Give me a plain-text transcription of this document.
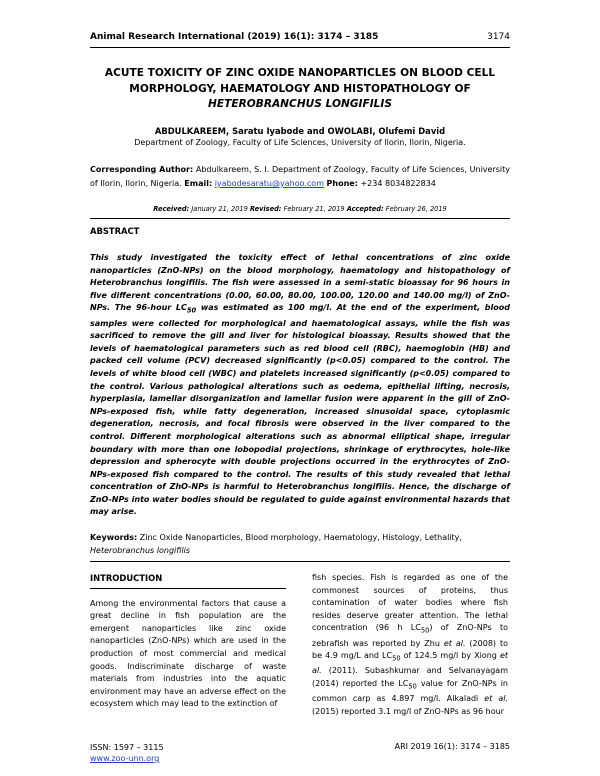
Animal Research International (2019) 16(1): 3174 – 3185	3174
ACUTE TOXICITY OF ZINC OXIDE NANOPARTICLES ON BLOOD CELL
MORPHOLOGY, HAEMATOLOGY AND HISTOPATHOLOGY OF
HETEROBRANCHUS LONGIFILIS
ABDULKAREEM, Saratu Iyabode and OWOLABI, Olufemi David
Department of Zoology, Faculty of Life Sciences, University of Ilorin, Ilorin, Nigeria.
Corresponding Author: Abdulkareem, S. I. Department of Zoology, Faculty of Life Sciences, University of Ilorin, Ilorin, Nigeria. Email: iyabodesaratu@yahoo.com Phone: +234 8034822834
Received: January 21, 2019 Revised: February 21, 2019 Accepted: February 26, 2019
ABSTRACT
This study investigated the toxicity effect of lethal concentrations of zinc oxide nanoparticles (ZnO-NPs) on the blood morphology, haematology and histopathology of Heterobranchus longifilis. The fish were assessed in a semi-static bioassay for 96 hours in five different concentrations (0.00, 60.00, 80.00, 100.00, 120.00 and 140.00 mg/l) of ZnO-NPs. The 96-hour $LC_{50}$ was estimated as 100 mg/l. At the end of the experiment, blood samples were collected for morphological and haematological assays, while the fish was sacrificed to remove the gill and liver for histological bioassay. Results showed that the levels of haematological parameters such as red blood cell (RBC), haemoglobin (HB) and packed cell volume (PCV) decreased significantly (p<0.05) compared to the control. The levels of white blood cell (WBC) and platelets increased significantly (p<0.05) compared to the control. Various pathological alterations such as oedema, epithelial lifting, necrosis, hyperplasia, lamellar disorganization and lamellar fusion were apparent in the gill of ZnO-NPs-exposed fish, while fatty degeneration, increased sinusoidal space, cytoplasmic degeneration, necrosis, and focal fibrosis were observed in the liver compared to the control. Different morphological alterations such as abnormal elliptical shape, irregular boundary with more than one lobopodial projections, shrinkage of erythrocytes, hole-like depression and spherocyte with double projections occurred in the erythrocytes of ZnO-NPs-exposed fish compared to the control. The results of this study revealed that lethal concentration of ZhO-NPs is harmful to Heterobranchus longifilis. Hence, the discharge of ZnO-NPs into water bodies should be regulated to guide against environmental hazards that may arise.
Keywords: Zinc Oxide Nanoparticles, Blood morphology, Haematology, Histology, Lethality, Heterobranchus longifilis
INTRODUCTION

Among the environmental factors that cause a great decline in fish population are the emergent nanoparticles like zinc oxide nanoparticles (ZnO-NPs) which are used in the production of most commercial and medical goods. Indiscriminate discharge of waste materials from industries into the aquatic environment may have an adverse effect on the ecosystem which may lead to the extinction of

fish species. Fish is regarded as one of the commonest sources of proteins, thus contamination of water bodies where fish resides deserve greater attention. The lethal concentration (96 h $LC_{50}$) of ZnO-NPs to zebrafish was reported by Zhu et al. (2008) to be 4.9 mg/L and $LC_{50}$ of 124.5 mg/l by Xiong et al. (2011). Subashkumar and Selvanayagam (2014) reported the $LC_{50}$ value for ZnO-NPs in common carp as 4.897 mg/l. Alkaladi et al. (2015) reported 3.1 mg/l of ZnO-NPs as 96 hour

ISSN: 1597 – 3115
www.zoo-unn.org
ARI 2019 16(1): 3174 – 3185
